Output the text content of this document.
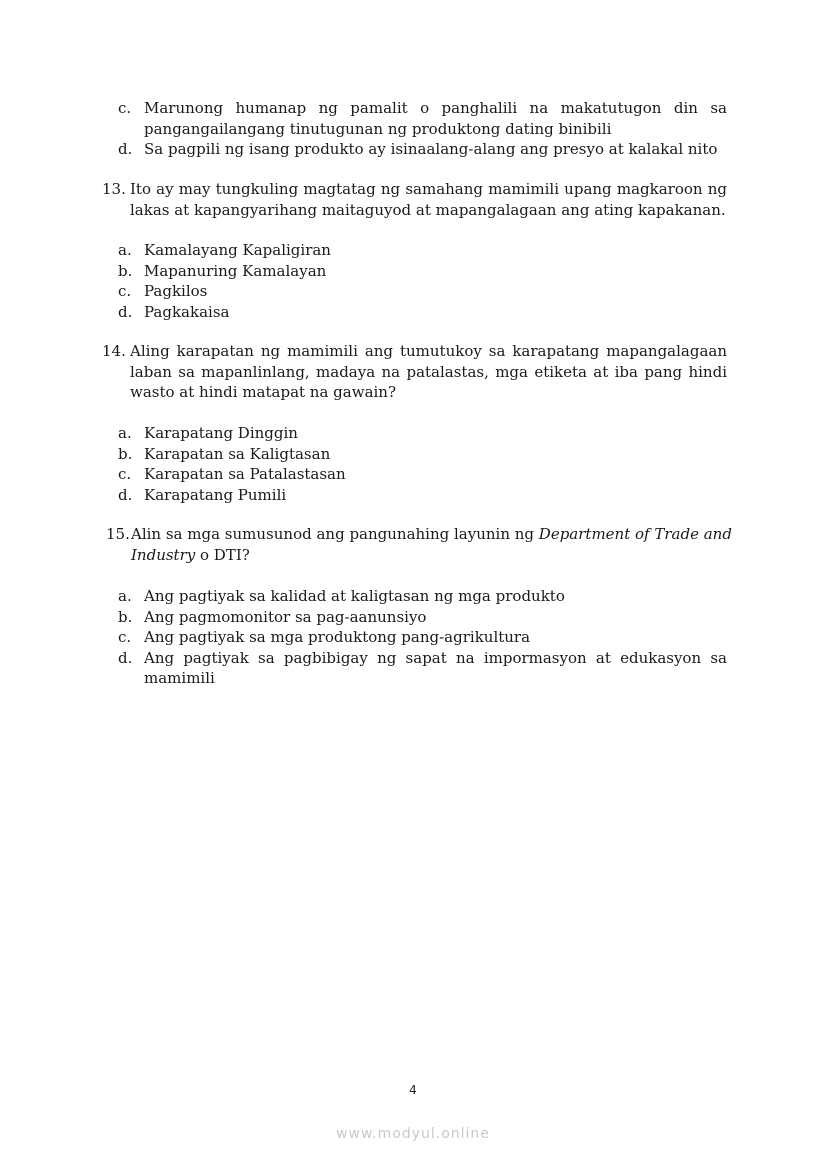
c. Marunong humanap ng pamalit o panghalili na makatutugon din sa
pangangailangang tinutugunan ng produktong dating binibili
d. Sa pagpili ng isang produkto ay isinaalang-alang ang presyo at kalakal nito
13. Ito ay may tungkuling magtatag ng samahang mamimili upang magkaroon ng
lakas at kapangyarihang maitaguyod at mapangalagaan ang ating kapakanan.
a. Kamalayang Kapaligiran
b. Mapanuring Kamalayan
c. Pagkilos
d. Pagkakaisa
14. Aling karapatan ng mamimili ang tumutukoy sa karapatang mapangalagaan
laban sa mapanlinlang, madaya na patalastas, mga etiketa at iba pang hindi
wasto at hindi matapat na gawain?
a. Karapatang Dinggin
b. Karapatan sa Kaligtasan
c. Karapatan sa Patalastasan
d. Karapatang Pumili
15. Alin sa mga sumusunod ang pangunahing layunin ng Department of Trade and
Industry o DTI?
a. Ang pagtiyak sa kalidad at kaligtasan ng mga produkto
b. Ang pagmomonitor sa pag-aanunsiyo
c. Ang pagtiyak sa mga produktong pang-agrikultura
d. Ang pagtiyak sa pagbibigay ng sapat na impormasyon at edukasyon sa
mamimili
4
www.modyul.online
